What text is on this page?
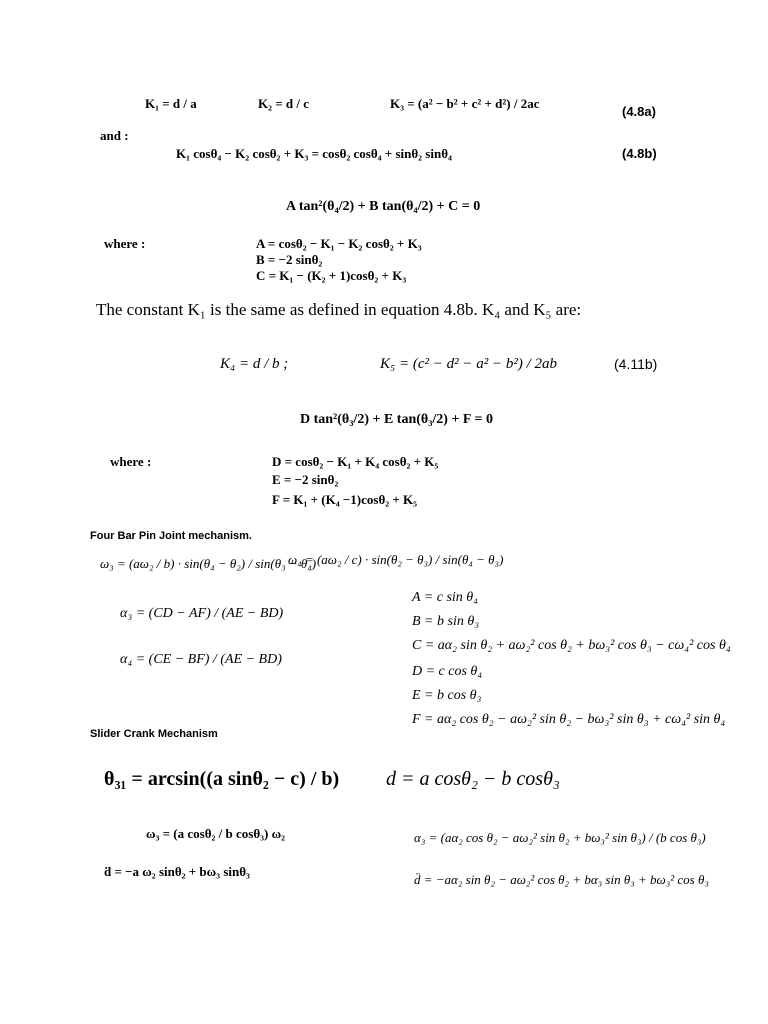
K₁ = d / a	K₂ = d / c	K₃ = (a² − b² + c² + d²) / 2ac
(4.8a)
and :
K₁ cosθ₄ − K₂ cosθ₂ + K₃ = cosθ₂ cosθ₄ + sinθ₂ sinθ₄	(4.8b)
A tan²(θ₄/2) + B tan(θ₄/2) + C = 0
where :	A = cosθ₂ − K₁ − K₂ cosθ₂ + K₃
B = −2 sinθ₂
C = K₁ − (K₂ + 1)cosθ₂ + K₃
The constant K₁ is the same as defined in equation 4.8b. K₄ and K₅ are:
K₄ = d / b ;	K₅ = (c² − d² − a² − b²) / 2ab	(4.11b)
D tan²(θ₃/2) + E tan(θ₃/2) + F = 0
where :	D = cosθ₂ − K₁ + K₄ cosθ₂ + K₅
E = −2 sinθ₂
F = K₁ + (K₄ −1)cosθ₂ + K₅
Four Bar Pin Joint mechanism.
ω₃ = (aω₂ / b) · sin(θ₄ − θ₂) / sin(θ₃ − θ₄)
ω₄ = (aω₂ / c) · sin(θ₂ − θ₃) / sin(θ₄ − θ₃)
α₃ = (CD − AF) / (AE − BD)
α₄ = (CE − BF) / (AE − BD)
A = c sin θ₄
B = b sin θ₃
C = aα₂ sin θ₂ + aω₂² cos θ₂ + bω₃² cos θ₃ − cω₄² cos θ₄
D = c cos θ₄
E = b cos θ₃
F = aα₂ cos θ₂ − aω₂² sin θ₂ − bω₃² sin θ₃ + cω₄² sin θ₄
Slider Crank Mechanism
θ₃₁ = arcsin((a sinθ₂ − c) / b) d = a cosθ₂ − b cosθ₃
ω₃ = (a cosθ₂ / b cosθ₃) ω₂
ḋ = −a ω₂ sinθ₂ + bω₃ sinθ₃
α₃ = (aα₂ cos θ₂ − aω₂² sin θ₂ + bω₃² sin θ₃) / (b cos θ₃)
d̈ = −aα₂ sin θ₂ − aω₂² cos θ₂ + bα₃ sin θ₃ + bω₃² cos θ₃
